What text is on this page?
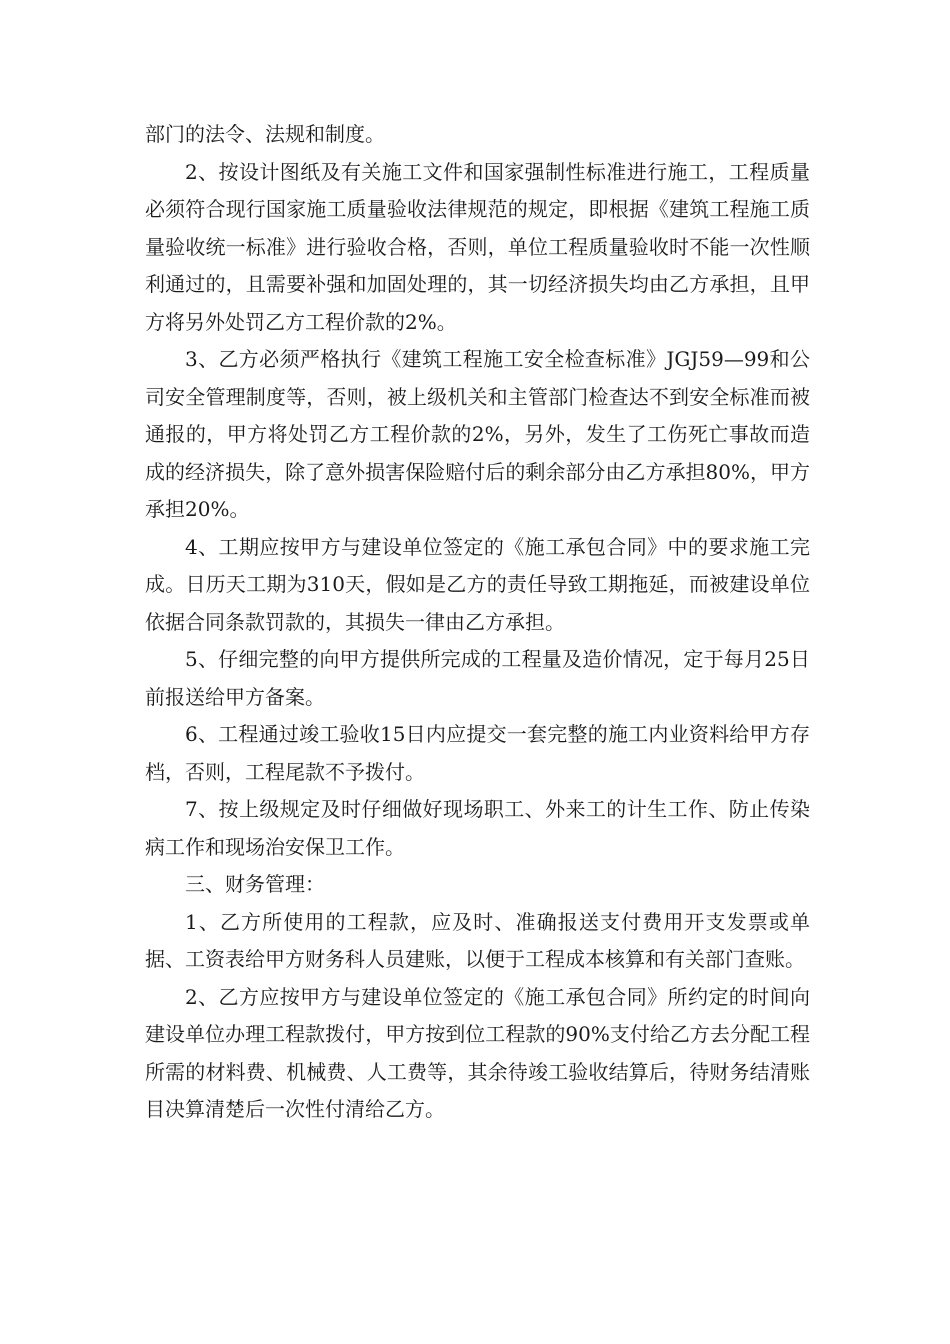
部门的法令、法规和制度。

2、按设计图纸及有关施工文件和国家强制性标准进行施工，工程质量必须符合现行国家施工质量验收法律规范的规定，即根据《建筑工程施工质量验收统一标准》进行验收合格，否则，单位工程质量验收时不能一次性顺利通过的，且需要补强和加固处理的，其一切经济损失均由乙方承担，且甲方将另外处罚乙方工程价款的2%。

3、乙方必须严格执行《建筑工程施工安全检查标准》JGJ59—99和公司安全管理制度等，否则，被上级机关和主管部门检查达不到安全标准而被通报的，甲方将处罚乙方工程价款的2%，另外，发生了工伤死亡事故而造成的经济损失，除了意外损害保险赔付后的剩余部分由乙方承担80%，甲方承担20%。

4、工期应按甲方与建设单位签定的《施工承包合同》中的要求施工完成。日历天工期为310天，假如是乙方的责任导致工期拖延，而被建设单位依据合同条款罚款的，其损失一律由乙方承担。

5、仔细完整的向甲方提供所完成的工程量及造价情况，定于每月25日前报送给甲方备案。

6、工程通过竣工验收15日内应提交一套完整的施工内业资料给甲方存档，否则，工程尾款不予拨付。

7、按上级规定及时仔细做好现场职工、外来工的计生工作、防止传染病工作和现场治安保卫工作。

三、财务管理：

1、乙方所使用的工程款，应及时、准确报送支付费用开支发票或单据、工资表给甲方财务科人员建账，以便于工程成本核算和有关部门查账。

2、乙方应按甲方与建设单位签定的《施工承包合同》所约定的时间向建设单位办理工程款拨付，甲方按到位工程款的90%支付给乙方去分配工程所需的材料费、机械费、人工费等，其余待竣工验收结算后，待财务结清账目决算清楚后一次性付清给乙方。
